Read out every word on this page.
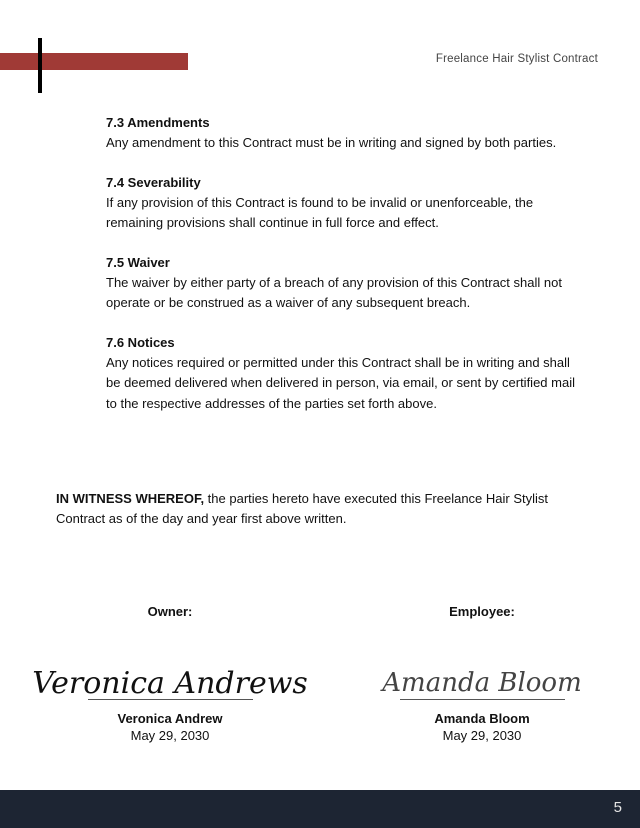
Freelance Hair Stylist Contract
7.3 Amendments

Any amendment to this Contract must be in writing and signed by both parties.

7.4 Severability

If any provision of this Contract is found to be invalid or unenforceable, the remaining provisions shall continue in full force and effect.

7.5 Waiver

The waiver by either party of a breach of any provision of this Contract shall not operate or be construed as a waiver of any subsequent breach.

7.6 Notices

Any notices required or permitted under this Contract shall be in writing and shall be deemed delivered when delivered in person, via email, or sent by certified mail to the respective addresses of the parties set forth above.

IN WITNESS WHEREOF, the parties hereto have executed this Freelance Hair Stylist Contract as of the day and year first above written.
Owner:
Veronica Andrews
Veronica Andrew
May 29, 2030
Employee:
Amanda Bloom
Amanda Bloom
May 29, 2030
5
